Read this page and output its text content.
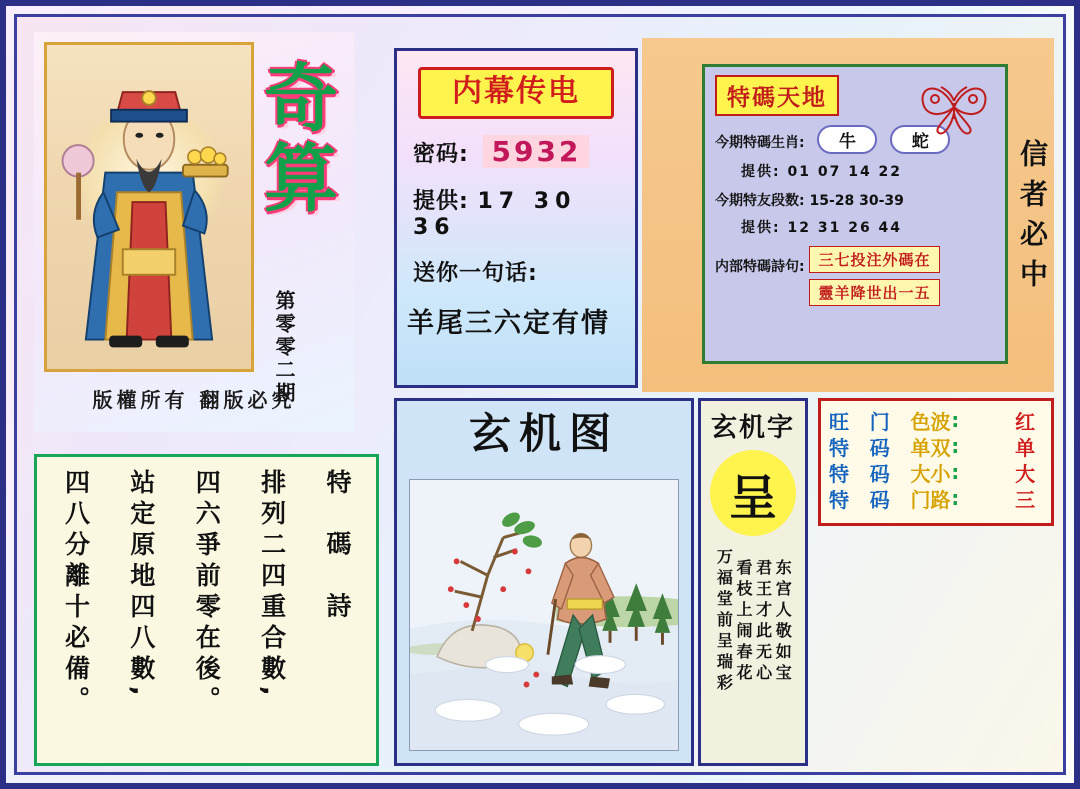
奇算
第零零二期
版權所有 翻版必究
特 碼 詩
排列二四重合數,
四六爭前零在後。
站定原地四八數,
四八分離十必備。
内幕传电
密码: 5932
提供: 17 30 36
送你一句话:
羊尾三六定有情
信者必中
特碼天地
今期特碼生肖: 牛	蛇
提供: 01 07 14 22
今期特友段数: 15-28 30-39
提供: 12 31 26 44
内部特碼詩句: 三七投注外碼在
靈羊降世出一五
玄机图	玄机字
呈
东宫人敬如宝
君王才此无心
看枝上闹春花
万福堂前呈瑞彩
旺	门	色波 :	红
特	码	单双 :	单
特	码	大小 :	大
特	码	门路 :	三
